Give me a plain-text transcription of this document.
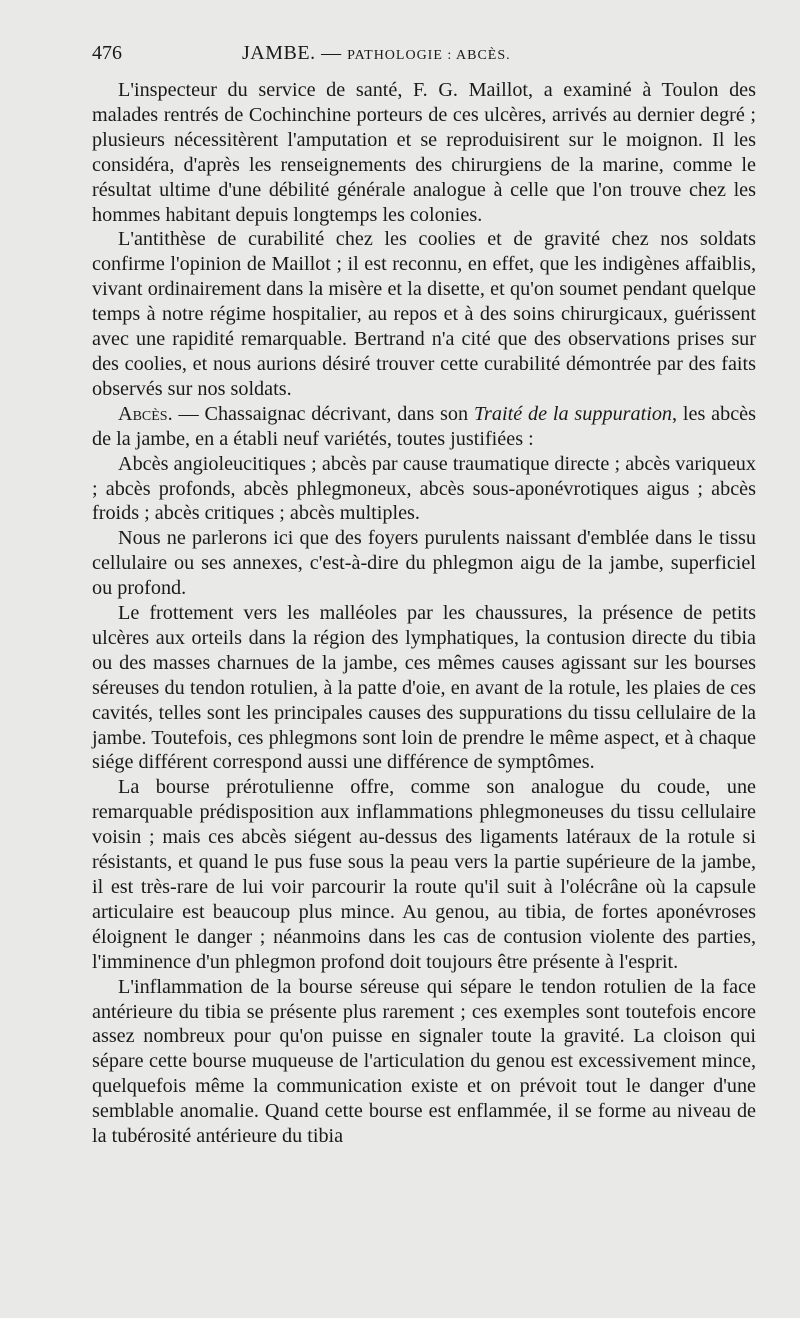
476	JAMBE. — PATHOLOGIE : ABCÈS.

L'inspecteur du service de santé, F. G. Maillot, a examiné à Toulon des malades rentrés de Cochinchine porteurs de ces ulcères, arrivés au dernier degré ; plusieurs nécessitèrent l'amputation et se reproduisirent sur le moignon. Il les considéra, d'après les renseignements des chirurgiens de la marine, comme le résultat ultime d'une débilité générale analogue à celle que l'on trouve chez les hommes habitant depuis longtemps les colonies.

L'antithèse de curabilité chez les coolies et de gravité chez nos soldats confirme l'opinion de Maillot ; il est reconnu, en effet, que les indigènes affaiblis, vivant ordinairement dans la misère et la disette, et qu'on soumet pendant quelque temps à notre régime hospitalier, au repos et à des soins chirurgicaux, guérissent avec une rapidité remarquable. Bertrand n'a cité que des observations prises sur des coolies, et nous aurions désiré trouver cette curabilité démontrée par des faits observés sur nos soldats.

Abcès. — Chassaignac décrivant, dans son Traité de la suppuration, les abcès de la jambe, en a établi neuf variétés, toutes justifiées :

Abcès angioleucitiques ; abcès par cause traumatique directe ; abcès variqueux ; abcès profonds, abcès phlegmoneux, abcès sous-aponévrotiques aigus ; abcès froids ; abcès critiques ; abcès multiples.

Nous ne parlerons ici que des foyers purulents naissant d'emblée dans le tissu cellulaire ou ses annexes, c'est-à-dire du phlegmon aigu de la jambe, superficiel ou profond.

Le frottement vers les malléoles par les chaussures, la présence de petits ulcères aux orteils dans la région des lymphatiques, la contusion directe du tibia ou des masses charnues de la jambe, ces mêmes causes agissant sur les bourses séreuses du tendon rotulien, à la patte d'oie, en avant de la rotule, les plaies de ces cavités, telles sont les principales causes des suppurations du tissu cellulaire de la jambe. Toutefois, ces phlegmons sont loin de prendre le même aspect, et à chaque siége différent correspond aussi une différence de symptômes.

La bourse prérotulienne offre, comme son analogue du coude, une remarquable prédisposition aux inflammations phlegmoneuses du tissu cellulaire voisin ; mais ces abcès siégent au-dessus des ligaments latéraux de la rotule si résistants, et quand le pus fuse sous la peau vers la partie supérieure de la jambe, il est très-rare de lui voir parcourir la route qu'il suit à l'olécrâne où la capsule articulaire est beaucoup plus mince. Au genou, au tibia, de fortes aponévroses éloignent le danger ; néanmoins dans les cas de contusion violente des parties, l'imminence d'un phlegmon profond doit toujours être présente à l'esprit.

L'inflammation de la bourse séreuse qui sépare le tendon rotulien de la face antérieure du tibia se présente plus rarement ; ces exemples sont toutefois encore assez nombreux pour qu'on puisse en signaler toute la gravité. La cloison qui sépare cette bourse muqueuse de l'articulation du genou est excessivement mince, quelquefois même la communication existe et on prévoit tout le danger d'une semblable anomalie. Quand cette bourse est enflammée, il se forme au niveau de la tubérosité antérieure du tibia
